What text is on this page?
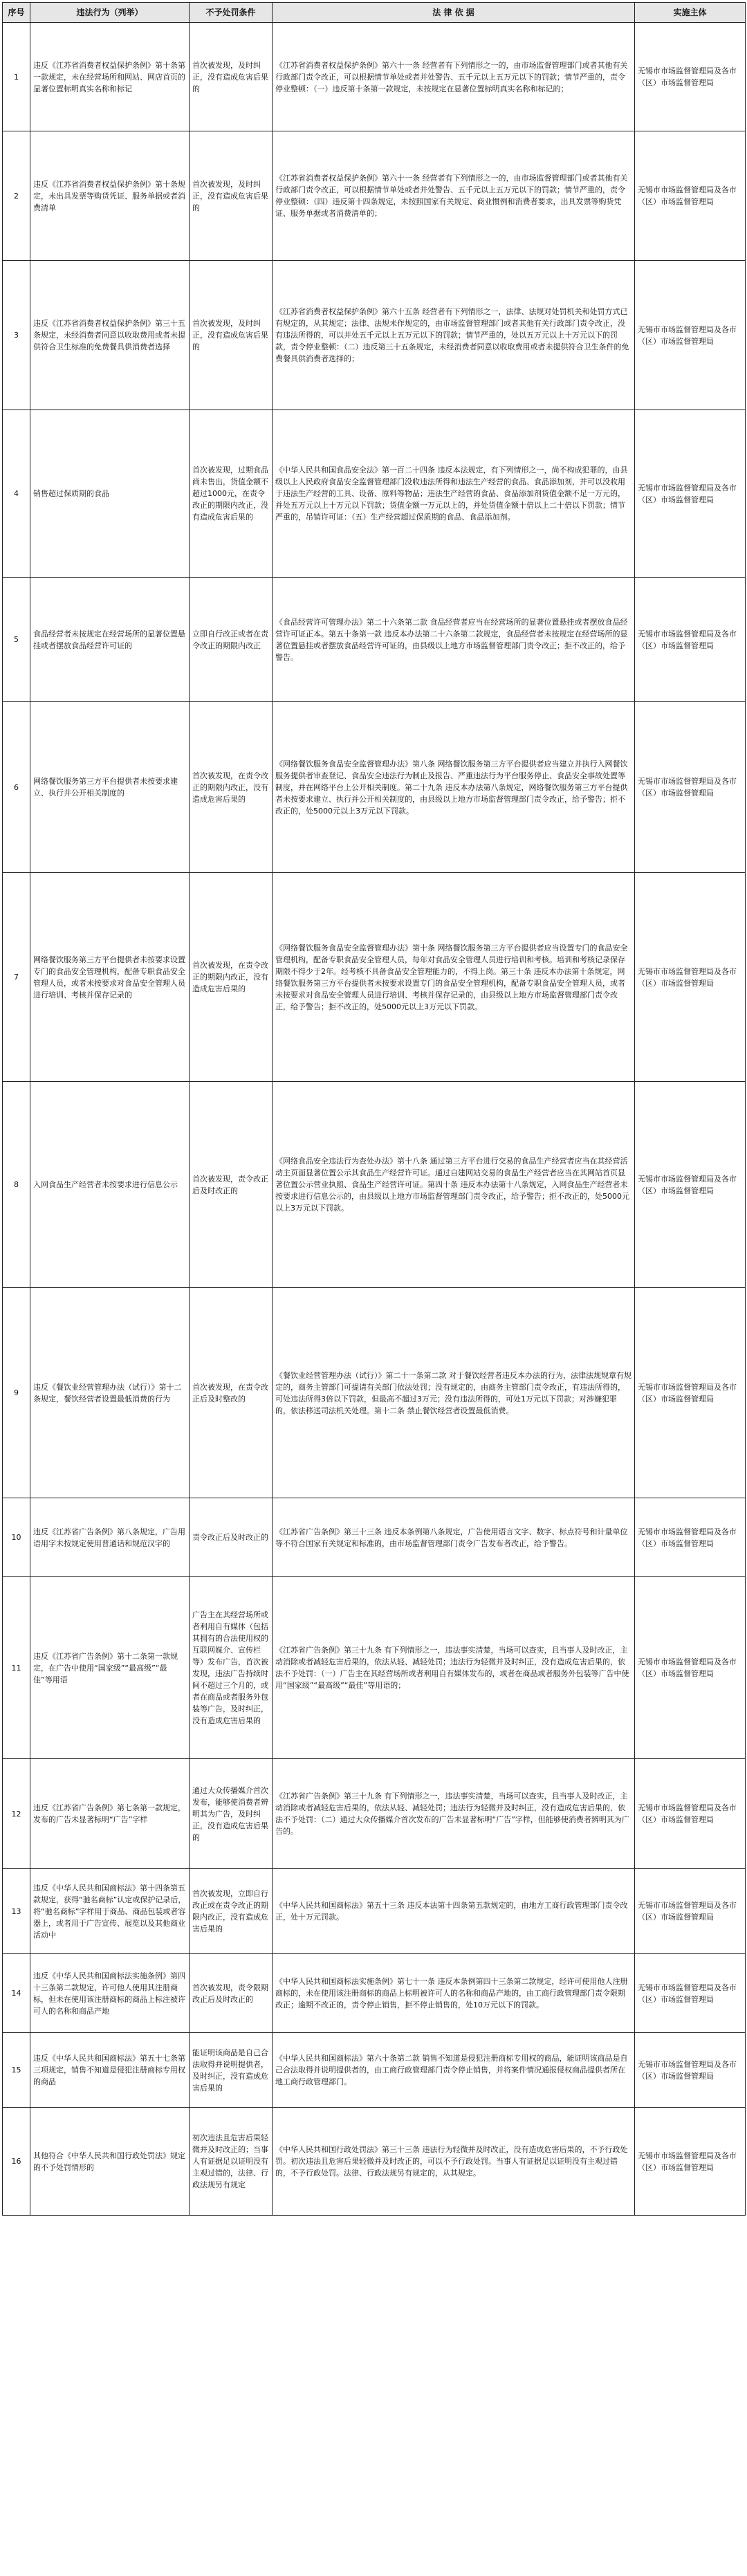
序号	违法行为（列举）	不予处罚条件	法 律 依 据	实施主体
1	违反《江苏省消费者权益保护条例》第十条第一款规定，未在经营场所和网站、网店首页的显著位置标明真实名称和标记	首次被发现，及时纠正，没有造成危害后果的	《江苏省消费者权益保护条例》第六十一条 经营者有下列情形之一的，由市场监督管理部门或者其他有关行政部门责令改正，可以根据情节单处或者并处警告、五千元以上五万元以下的罚款；情节严重的，责令停业整顿：（一）违反第十条第一款规定，未按规定在显著位置标明真实名称和标记的；	无锡市市场监督管理局及各市（区）市场监督管理局
2	违反《江苏省消费者权益保护条例》第十条规定，未出具发票等购货凭证、服务单据或者消费清单	首次被发现，及时纠正，没有造成危害后果的	《江苏省消费者权益保护条例》第六十一条 经营者有下列情形之一的，由市场监督管理部门或者其他有关行政部门责令改正，可以根据情节单处或者并处警告、五千元以上五万元以下的罚款；情节严重的，责令停业整顿：（四）违反第十四条规定，未按照国家有关规定、商业惯例和消费者要求，出具发票等购货凭证、服务单据或者消费清单的；	无锡市市场监督管理局及各市（区）市场监督管理局
3	违反《江苏省消费者权益保护条例》第三十五条规定，未经消费者同意以收取费用或者未提供符合卫生标准的免费餐具供消费者选择	首次被发现，及时纠正，没有造成危害后果的	《江苏省消费者权益保护条例》第六十五条 经营者有下列情形之一，法律、法规对处罚机关和处罚方式已有规定的，从其规定；法律、法规未作规定的，由市场监督管理部门或者其他有关行政部门责令改正，没有违法所得的，可以并处五千元以上五万元以下的罚款；情节严重的，处以五万元以上十万元以下的罚款，责令停业整顿：（二）违反第三十五条规定，未经消费者同意以收取费用或者未提供符合卫生条件的免费餐具供消费者选择的；	无锡市市场监督管理局及各市（区）市场监督管理局
4	销售超过保质期的食品	首次被发现，过期食品尚未售出，货值金额不超过1000元，在责令改正的期限内改正，没有造成危害后果的	《中华人民共和国食品安全法》第一百二十四条 违反本法规定，有下列情形之一，尚不构成犯罪的，由县级以上人民政府食品安全监督管理部门没收违法所得和违法生产经营的食品、食品添加剂，并可以没收用于违法生产经营的工具、设备、原料等物品；违法生产经营的食品、食品添加剂货值金额不足一万元的，并处五万元以上十万元以下罚款；货值金额一万元以上的，并处货值金额十倍以上二十倍以下罚款；情节严重的，吊销许可证：（五）生产经营超过保质期的食品、食品添加剂。	无锡市市场监督管理局及各市（区）市场监督管理局
5	食品经营者未按规定在经营场所的显著位置悬挂或者摆放食品经营许可证的	立即自行改正或者在责令改正的期限内改正	《食品经营许可管理办法》第二十六条第二款 食品经营者应当在经营场所的显著位置悬挂或者摆放食品经营许可证正本。第五十条第一款 违反本办法第二十六条第二款规定，食品经营者未按规定在经营场所的显著位置悬挂或者摆放食品经营许可证的，由县级以上地方市场监督管理部门责令改正；拒不改正的，给予警告。	无锡市市场监督管理局及各市（区）市场监督管理局
6	网络餐饮服务第三方平台提供者未按要求建立、执行并公开相关制度的	首次被发现，在责令改正的期限内改正，没有造成危害后果的	《网络餐饮服务食品安全监督管理办法》第八条 网络餐饮服务第三方平台提供者应当建立并执行入网餐饮服务提供者审查登记、食品安全违法行为制止及报告、严重违法行为平台服务停止、食品安全事故处置等制度，并在网络平台上公开相关制度。第二十九条 违反本办法第八条规定，网络餐饮服务第三方平台提供者未按要求建立、执行并公开相关制度的，由县级以上地方市场监督管理部门责令改正，给予警告；拒不改正的，处5000元以上3万元以下罚款。	无锡市市场监督管理局及各市（区）市场监督管理局
7	网络餐饮服务第三方平台提供者未按要求设置专门的食品安全管理机构，配备专职食品安全管理人员，或者未按要求对食品安全管理人员进行培训、考核并保存记录的	首次被发现，在责令改正的期限内改正，没有造成危害后果的	《网络餐饮服务食品安全监督管理办法》第十条 网络餐饮服务第三方平台提供者应当设置专门的食品安全管理机构，配备专职食品安全管理人员，每年对食品安全管理人员进行培训和考核。培训和考核记录保存期限不得少于2年。经考核不具备食品安全管理能力的，不得上岗。第三十条 违反本办法第十条规定，网络餐饮服务第三方平台提供者未按要求设置专门的食品安全管理机构，配备专职食品安全管理人员，或者未按要求对食品安全管理人员进行培训、考核并保存记录的，由县级以上地方市场监督管理部门责令改正，给予警告；拒不改正的，处5000元以上3万元以下罚款。	无锡市市场监督管理局及各市（区）市场监督管理局
8	入网食品生产经营者未按要求进行信息公示	首次被发现，责令改正后及时改正的	《网络食品安全违法行为查处办法》第十八条 通过第三方平台进行交易的食品生产经营者应当在其经营活动主页面显著位置公示其食品生产经营许可证。通过自建网站交易的食品生产经营者应当在其网站首页显著位置公示营业执照、食品生产经营许可证。第四十条 违反本办法第十八条规定，入网食品生产经营者未按要求进行信息公示的，由县级以上地方市场监督管理部门责令改正，给予警告；拒不改正的，处5000元以上3万元以下罚款。	无锡市市场监督管理局及各市（区）市场监督管理局
9	违反《餐饮业经营管理办法（试行）》第十二条规定，餐饮经营者设置最低消费的行为	首次被发现，在责令改正后及时整改的	《餐饮业经营管理办法（试行）》第二十一条第二款 对于餐饮经营者违反本办法的行为，法律法规规章有规定的，商务主管部门可提请有关部门依法处罚；没有规定的，由商务主管部门责令改正，有违法所得的，可处违法所得3倍以下罚款，但最高不超过3万元；没有违法所得的，可处1万元以下罚款；对涉嫌犯罪的，依法移送司法机关处理。第十二条 禁止餐饮经营者设置最低消费。	无锡市市场监督管理局及各市（区）市场监督管理局
10	违反《江苏省广告条例》第八条规定，广告用语用字未按规定使用普通话和规范汉字的	责令改正后及时改正的	《江苏省广告条例》第三十三条 违反本条例第八条规定，广告使用语言文字、数字、标点符号和计量单位等不符合国家有关规定和标准的，由市场监督管理部门责令广告发布者改正，给予警告。	无锡市市场监督管理局及各市（区）市场监督管理局
11	违反《江苏省广告条例》第十二条第一款规定，在广告中使用“国家级”“最高级”“最佳”等用语	广告主在其经营场所或者利用自有媒体（包括其拥有的合法使用权的互联网媒介、宣传栏等）发布广告，首次被发现，违法广告持续时间不超过三个月的，或者在商品或者服务外包装等广告，及时纠正，没有造成危害后果的	《江苏省广告条例》第三十九条 有下列情形之一，违法事实清楚，当场可以查实，且当事人及时改正，主动消除或者减轻危害后果的，依法从轻、减轻处罚；违法行为轻微并及时纠正，没有造成危害后果的，依法不予处罚：（一）广告主在其经营场所或者利用自有媒体发布的，或者在商品或者服务外包装等广告中使用“国家级”“最高级”“最佳”等用语的；	无锡市市场监督管理局及各市（区）市场监督管理局
12	违反《江苏省广告条例》第七条第一款规定，发布的广告未显著标明“广告”字样	通过大众传播媒介首次发布，能够使消费者辨明其为广告，及时纠正，没有造成危害后果的	《江苏省广告条例》第三十九条 有下列情形之一，违法事实清楚，当场可以查实，且当事人及时改正，主动消除或者减轻危害后果的，依法从轻、减轻处罚；违法行为轻微并及时纠正，没有造成危害后果的，依法不予处罚：（二）通过大众传播媒介首次发布的广告未显著标明“广告”字样，但能够使消费者辨明其为广告的。	无锡市市场监督管理局及各市（区）市场监督管理局
13	违反《中华人民共和国商标法》第十四条第五款规定，获得“驰名商标”认定或保护记录后，将“驰名商标”字样用于商品、商品包装或者容器上，或者用于广告宣传、展览以及其他商业活动中	首次被发现，立即自行改正或在责令改正的期限内改正，没有造成危害后果的	《中华人民共和国商标法》第五十三条 违反本法第十四条第五款规定的，由地方工商行政管理部门责令改正，处十万元罚款。	无锡市市场监督管理局及各市（区）市场监督管理局
14	违反《中华人民共和国商标法实施条例》第四十三条第二款规定，许可他人使用其注册商标，但未在使用该注册商标的商品上标注被许可人的名称和商品产地	首次被发现，责令限期改正后及时改正的	《中华人民共和国商标法实施条例》第七十一条 违反本条例第四十三条第二款规定，经许可使用他人注册商标的，未在使用该注册商标的商品上标明被许可人的名称和商品产地的，由工商行政管理部门责令限期改正；逾期不改正的，责令停止销售，拒不停止销售的，处10万元以下的罚款。	无锡市市场监督管理局及各市（区）市场监督管理局
15	违反《中华人民共和国商标法》第五十七条第三项规定，销售不知道是侵犯注册商标专用权的商品	能证明该商品是自己合法取得并说明提供者，及时纠正，没有造成危害后果的	《中华人民共和国商标法》第六十条第二款 销售不知道是侵犯注册商标专用权的商品，能证明该商品是自己合法取得并说明提供者的，由工商行政管理部门责令停止销售，并将案件情况通报侵权商品提供者所在地工商行政管理部门。	无锡市市场监督管理局及各市（区）市场监督管理局
16	其他符合《中华人民共和国行政处罚法》规定的不予处罚情形的	初次违法且危害后果轻微并及时改正的；当事人有证据足以证明没有主观过错的，法律、行政法规另有规定	《中华人民共和国行政处罚法》第三十三条 违法行为轻微并及时改正，没有造成危害后果的，不予行政处罚。初次违法且危害后果轻微并及时改正的，可以不予行政处罚。当事人有证据足以证明没有主观过错的，不予行政处罚。法律、行政法规另有规定的，从其规定。	无锡市市场监督管理局及各市（区）市场监督管理局
